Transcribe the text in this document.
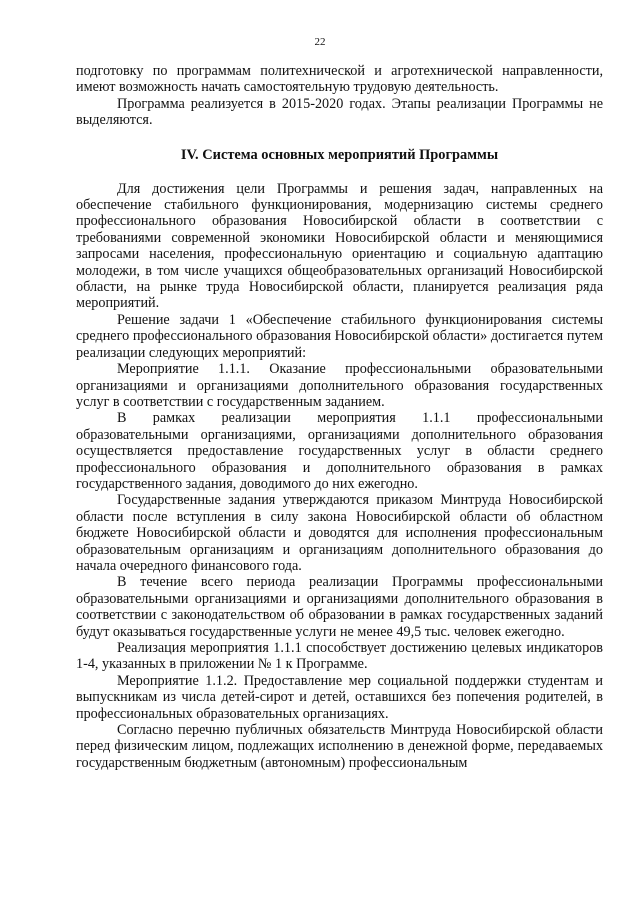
22

подготовку по программам политехнической и агротехнической направленности, имеют возможность начать самостоятельную трудовую деятельность.

Программа реализуется в 2015-2020 годах. Этапы реализации Программы не выделяются.

IV. Система основных мероприятий Программы

Для достижения цели Программы и решения задач, направленных на обеспечение стабильного функционирования, модернизацию системы среднего профессионального образования Новосибирской области в соответствии с требованиями современной экономики Новосибирской области и меняющимися запросами населения, профессиональную ориентацию и социальную адаптацию молодежи, в том числе учащихся общеобразовательных организаций Новосибирской области, на рынке труда Новосибирской области, планируется реализация ряда мероприятий.

Решение задачи 1 «Обеспечение стабильного функционирования системы среднего профессионального образования Новосибирской области» достигается путем реализации следующих мероприятий:

Мероприятие 1.1.1. Оказание профессиональными образовательными организациями и организациями дополнительного образования государственных услуг в соответствии с государственным заданием.

В рамках реализации мероприятия 1.1.1 профессиональными образовательными организациями, организациями дополнительного образования осуществляется предоставление государственных услуг в области среднего профессионального образования и дополнительного образования в рамках государственного задания, доводимого до них ежегодно.

Государственные задания утверждаются приказом Минтруда Новосибирской области после вступления в силу закона Новосибирской области об областном бюджете Новосибирской области и доводятся для исполнения профессиональным образовательным организациям и организациям дополнительного образования до начала очередного финансового года.

В течение всего периода реализации Программы профессиональными образовательными организациями и организациями дополнительного образования в соответствии с законодательством об образовании в рамках государственных заданий будут оказываться государственные услуги не менее 49,5 тыс. человек ежегодно.

Реализация мероприятия 1.1.1 способствует достижению целевых индикаторов 1-4, указанных в приложении № 1 к Программе.

Мероприятие 1.1.2. Предоставление мер социальной поддержки студентам и выпускникам из числа детей-сирот и детей, оставшихся без попечения родителей, в профессиональных образовательных организациях.

Согласно перечню публичных обязательств Минтруда Новосибирской области перед физическим лицом, подлежащих исполнению в денежной форме, передаваемых государственным бюджетным (автономным) профессиональным
